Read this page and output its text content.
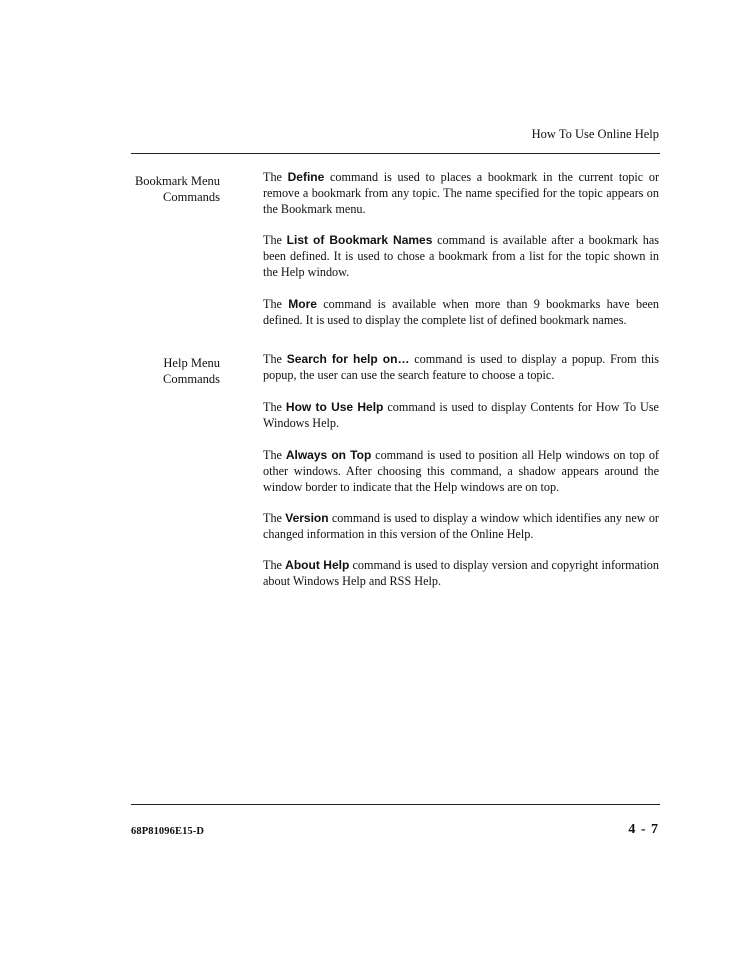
How To Use Online Help
Bookmark Menu
Commands

The Define command is used to places a bookmark in the current topic or remove a bookmark from any topic. The name specified for the topic appears on the Bookmark menu.

The List of Bookmark Names command is available after a bookmark has been defined. It is used to chose a bookmark from a list for the topic shown in the Help window.

The More command is available when more than 9 bookmarks have been defined. It is used to display the complete list of defined bookmark names.

Help Menu
Commands

The Search for help on… command is used to display a popup. From this popup, the user can use the search feature to choose a topic.

The How to Use Help command is used to display Contents for How To Use Windows Help.

The Always on Top command is used to position all Help windows on top of other windows. After choosing this command, a shadow appears around the window border to indicate that the Help windows are on top.

The Version command is used to display a window which identifies any new or changed information in this version of the Online Help.

The About Help command is used to display version and copyright information about Windows Help and RSS Help.

68P81096E15-D	4 - 7
